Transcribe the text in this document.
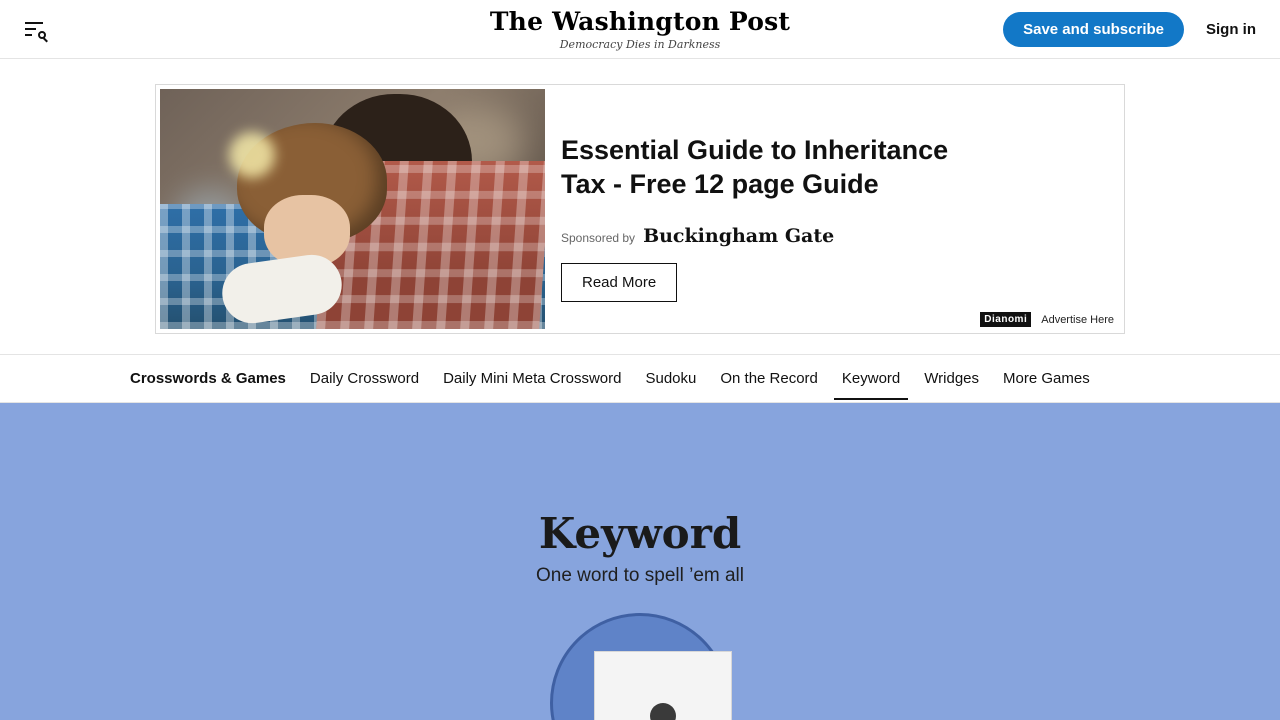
The Washington Post
Democracy Dies in Darkness
Save and subscribe	Sign in
Essential Guide to Inheritance Tax - Free 12 page Guide
Sponsored by Buckingham Gate
Read More
Dianomi	Advertise Here
Crosswords & Games	Daily Crossword	Daily Mini Meta Crossword	Sudoku	On the Record	Keyword	Wridges	More Games
Keyword
One word to spell ’em all
